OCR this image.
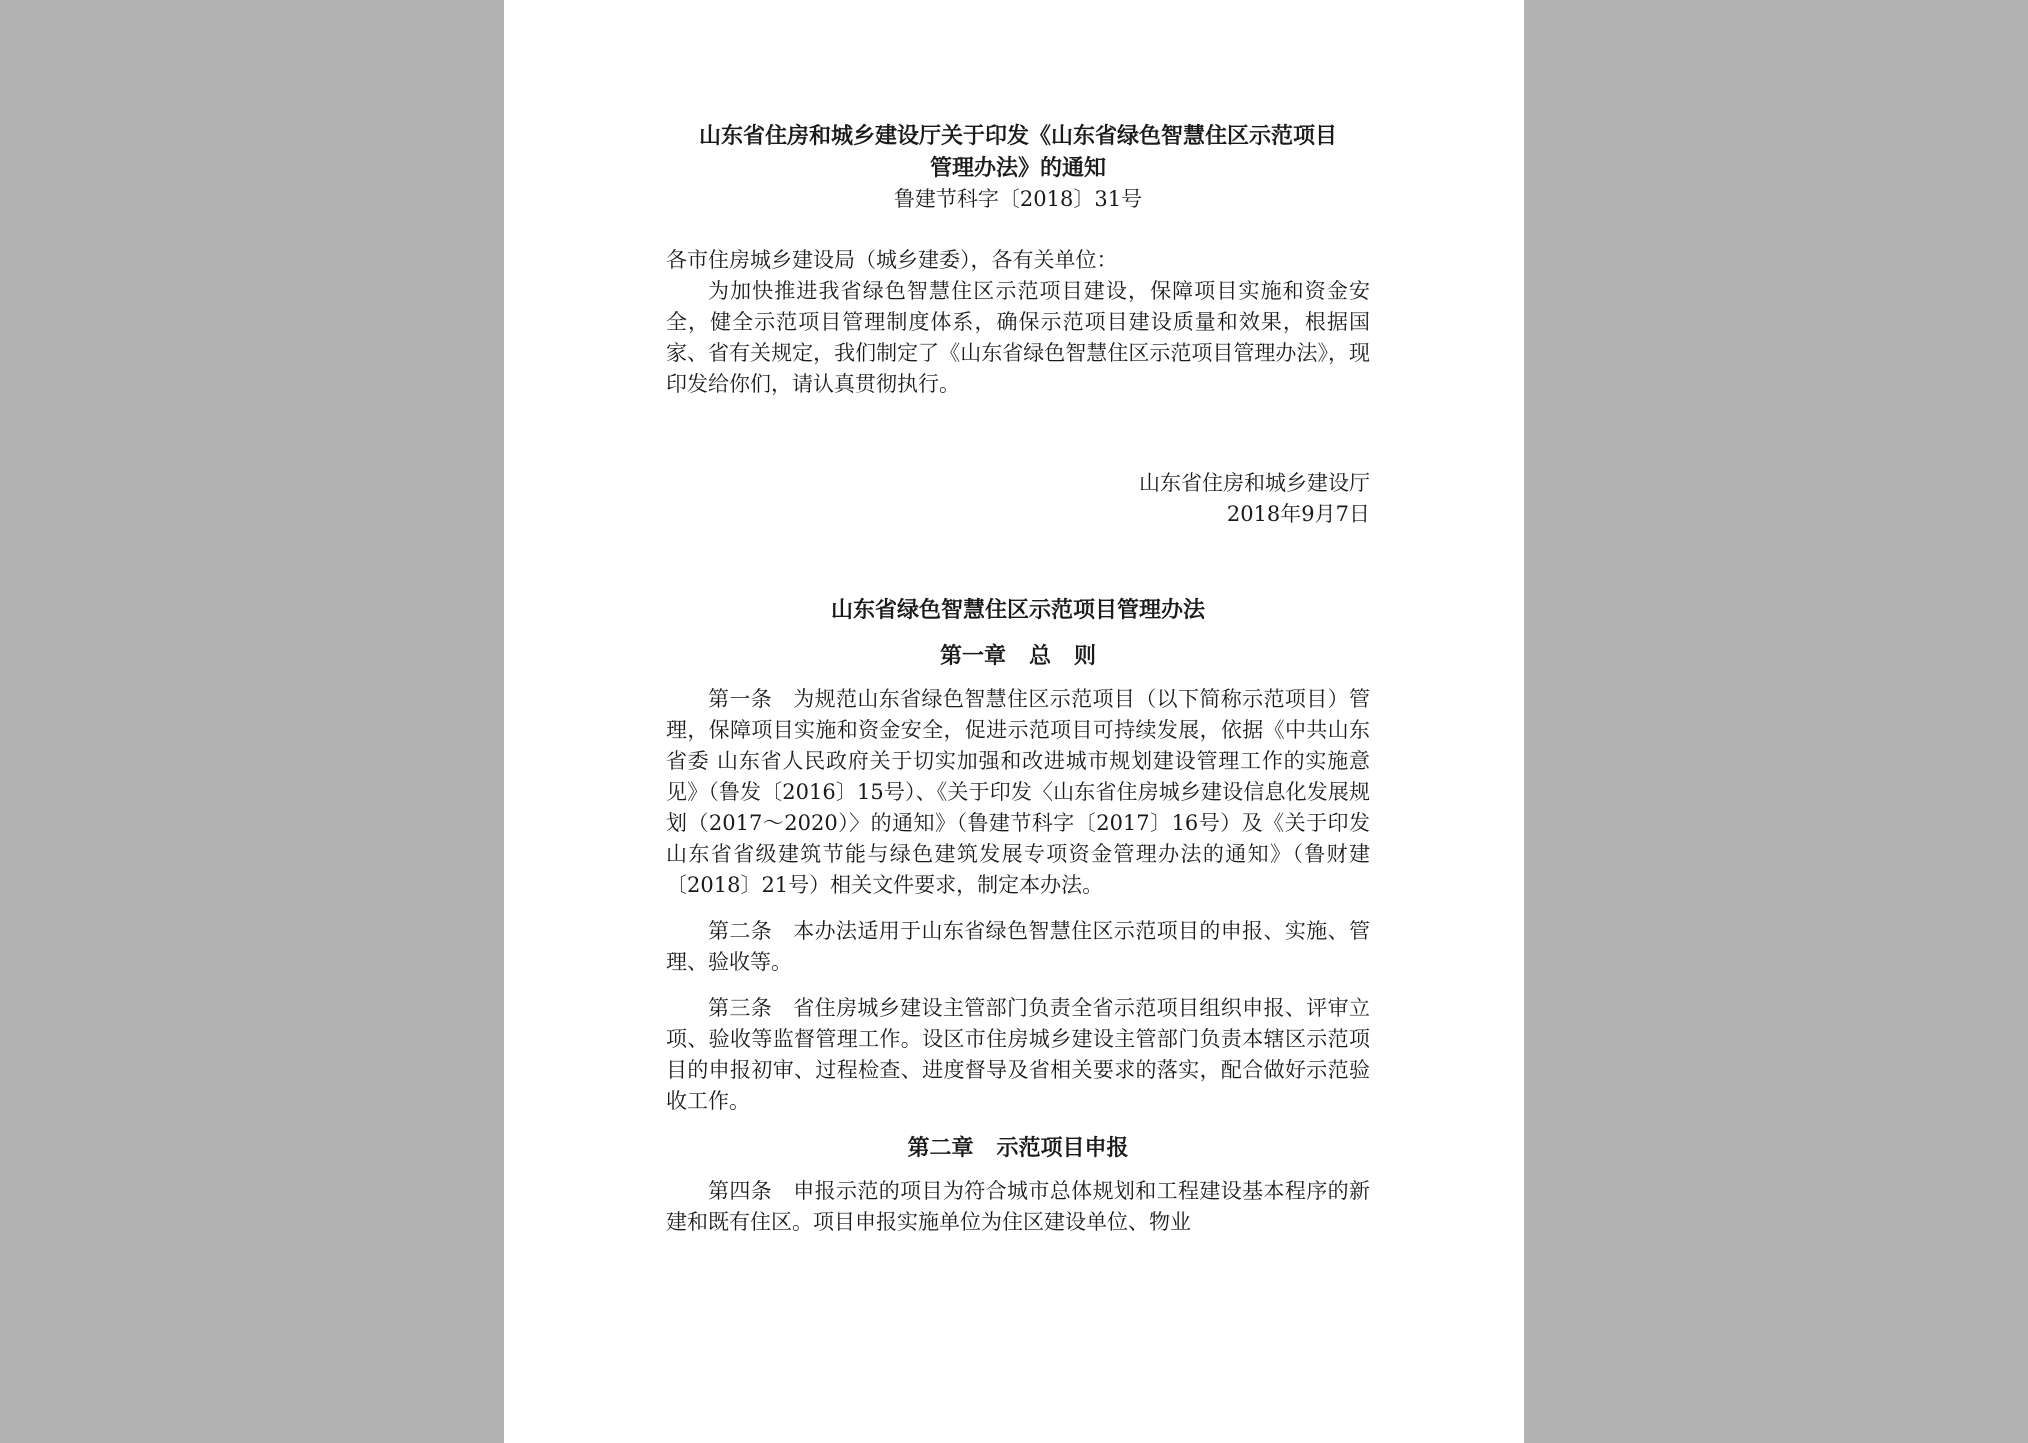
山东省住房和城乡建设厅关于印发《山东省绿色智慧住区示范项目
管理办法》的通知
鲁建节科字〔2018〕31号

各市住房城乡建设局（城乡建委），各有关单位：

为加快推进我省绿色智慧住区示范项目建设，保障项目实施和资金安全，健全示范项目管理制度体系，确保示范项目建设质量和效果，根据国家、省有关规定，我们制定了《山东省绿色智慧住区示范项目管理办法》，现印发给你们，请认真贯彻执行。

山东省住房和城乡建设厅
2018年9月7日
山东省绿色智慧住区示范项目管理办法
第一章   总   则

第一条   为规范山东省绿色智慧住区示范项目（以下简称示范项目）管理，保障项目实施和资金安全，促进示范项目可持续发展，依据《中共山东省委 山东省人民政府关于切实加强和改进城市规划建设管理工作的实施意见》（鲁发〔2016〕15号）、《关于印发〈山东省住房城乡建设信息化发展规划（2017～2020）〉的通知》（鲁建节科字〔2017〕16号）及《关于印发山东省省级建筑节能与绿色建筑发展专项资金管理办法的通知》（鲁财建〔2018〕21号）相关文件要求，制定本办法。

第二条   本办法适用于山东省绿色智慧住区示范项目的申报、实施、管理、验收等。

第三条   省住房城乡建设主管部门负责全省示范项目组织申报、评审立项、验收等监督管理工作。设区市住房城乡建设主管部门负责本辖区示范项目的申报初审、过程检查、进度督导及省相关要求的落实，配合做好示范验收工作。

第二章   示范项目申报

第四条   申报示范的项目为符合城市总体规划和工程建设基本程序的新建和既有住区。项目申报实施单位为住区建设单位、物业
